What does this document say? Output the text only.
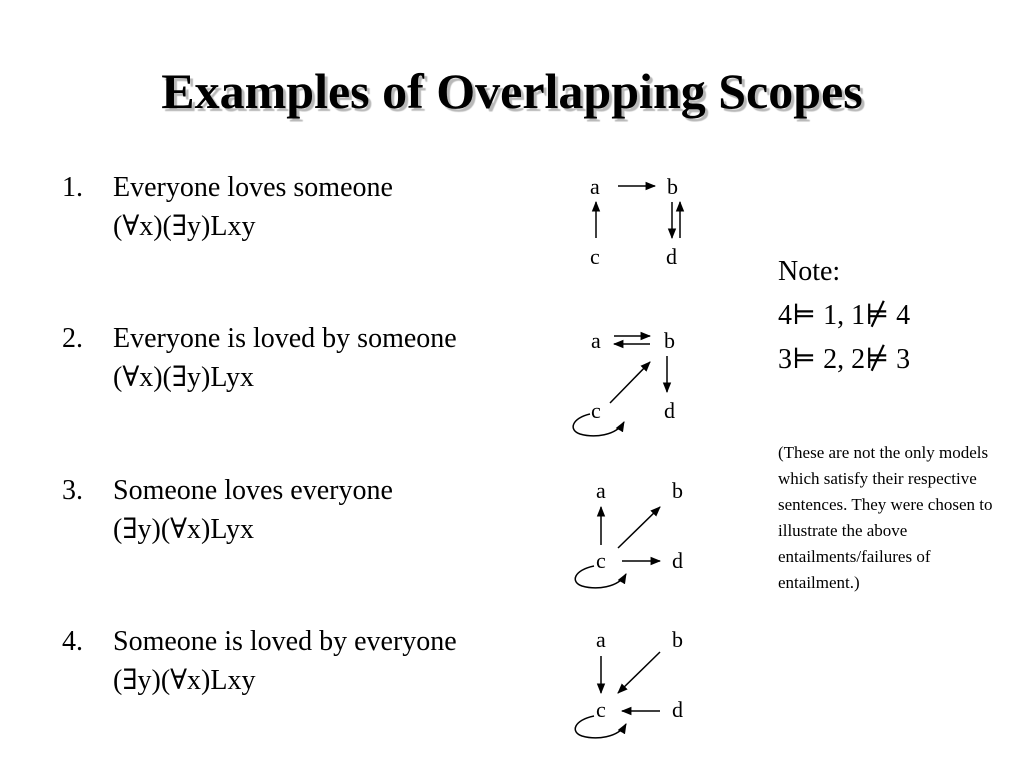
Examples of Overlapping Scopes
1. Everyone loves someone
(∀x)(∃y)Lxy
2. Everyone is loved by someone
(∀x)(∃y)Lyx
3. Someone loves everyone
(∃y)(∀x)Lyx
4. Someone is loved by everyone
(∃y)(∀x)Lxy
a	b
c	d
a	b
c	d
a	b
c	d
a	b
c	d
Note:
4⊨ 1, 1⊭ 4
3⊨ 2, 2⊭ 3
(These are not the only models which satisfy their respective sentences. They were chosen to illustrate the above entailments/failures of entailment.)
